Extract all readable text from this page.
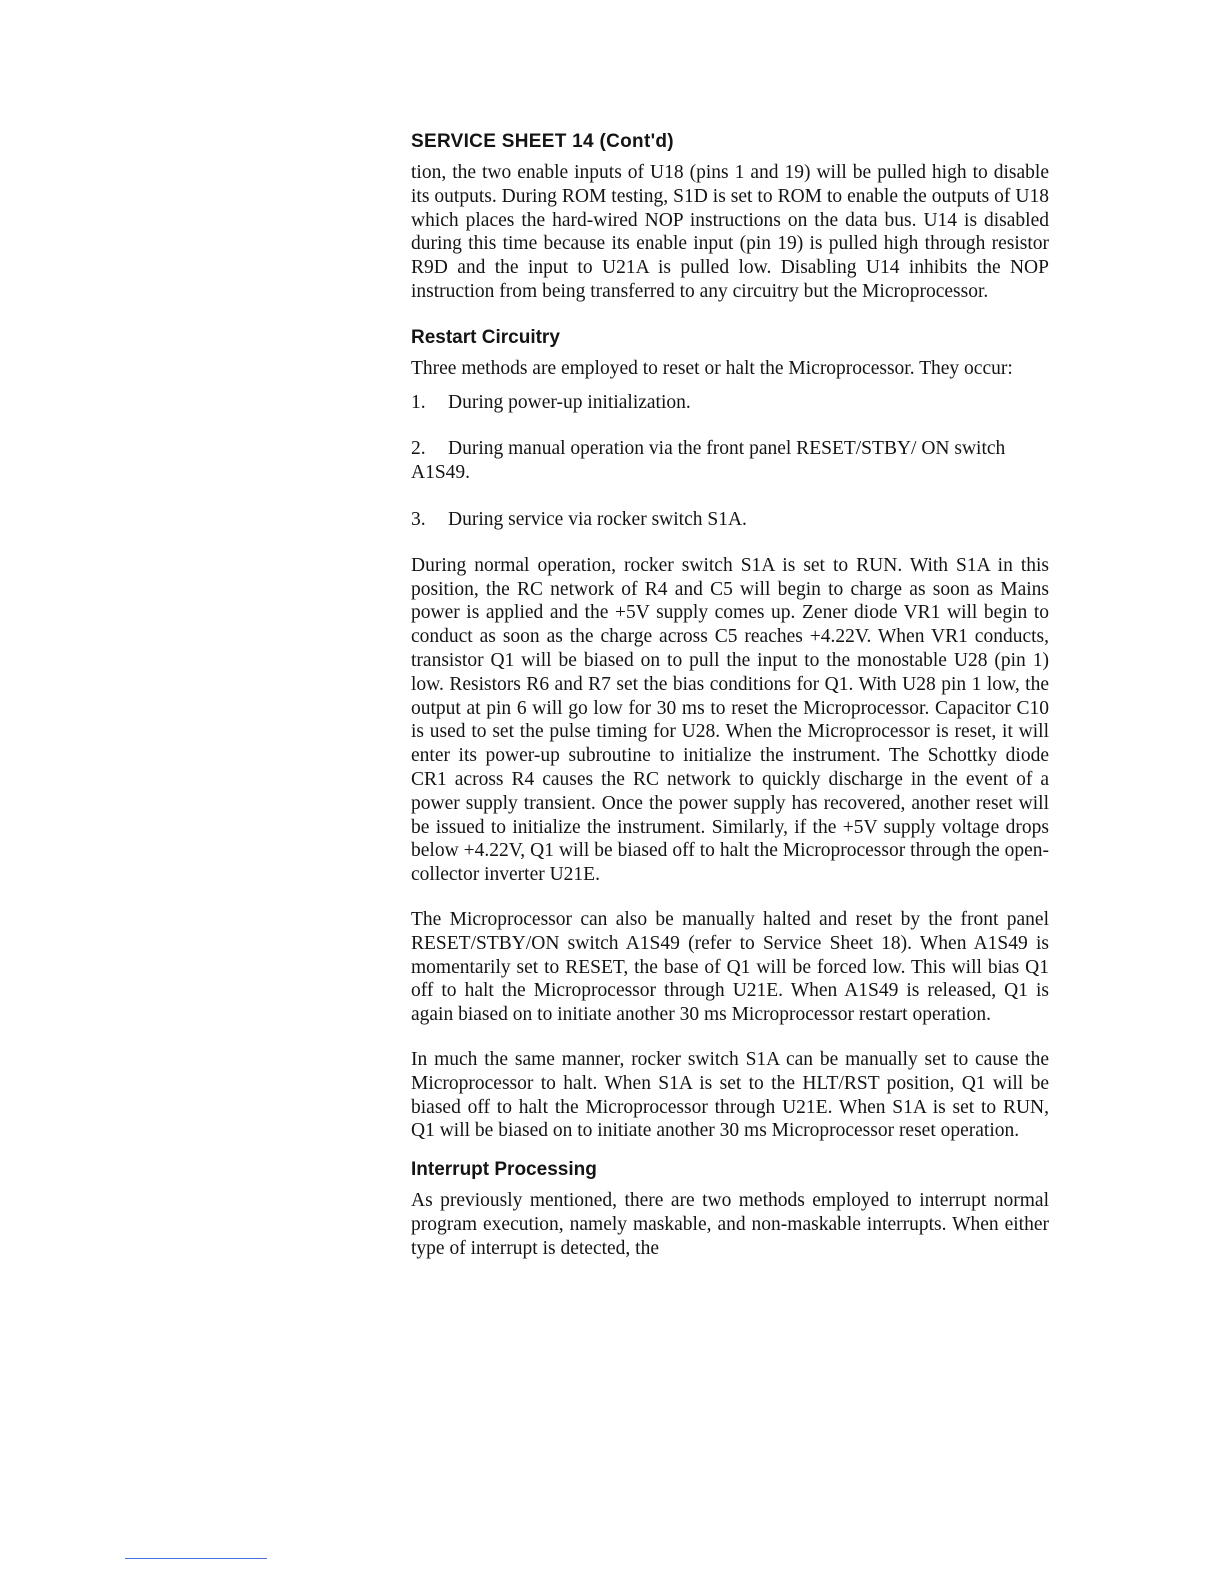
SERVICE SHEET 14 (Cont'd)

tion, the two enable inputs of U18 (pins 1 and 19) will be pulled high to disable its outputs. During ROM testing, S1D is set to ROM to enable the outputs of U18 which places the hard-wired NOP instructions on the data bus. U14 is disabled during this time because its enable input (pin 19) is pulled high through resistor R9D and the input to U21A is pulled low. Disabling U14 inhibits the NOP instruction from being transferred to any circuitry but the Microprocessor.

Restart Circuitry

Three methods are employed to reset or halt the Microprocessor. They occur:

1. During power-up initialization.
2. During manual operation via the front panel RESET/STBY/ ON switch A1S49.
3. During service via rocker switch S1A.

During normal operation, rocker switch S1A is set to RUN. With S1A in this position, the RC network of R4 and C5 will begin to charge as soon as Mains power is applied and the +5V supply comes up. Zener diode VR1 will begin to conduct as soon as the charge across C5 reaches +4.22V. When VR1 conducts, transistor Q1 will be biased on to pull the input to the monostable U28 (pin 1) low. Resistors R6 and R7 set the bias conditions for Q1. With U28 pin 1 low, the output at pin 6 will go low for 30 ms to reset the Microprocessor. Capacitor C10 is used to set the pulse timing for U28. When the Microprocessor is reset, it will enter its power-up subroutine to initialize the instrument. The Schottky diode CR1 across R4 causes the RC network to quickly discharge in the event of a power supply transient. Once the power supply has recovered, another reset will be issued to initialize the instrument. Similarly, if the +5V supply voltage drops below +4.22V, Q1 will be biased off to halt the Microprocessor through the open-collector inverter U21E.

The Microprocessor can also be manually halted and reset by the front panel RESET/STBY/ON switch A1S49 (refer to Service Sheet 18). When A1S49 is momentarily set to RESET, the base of Q1 will be forced low. This will bias Q1 off to halt the Microprocessor through U21E. When A1S49 is released, Q1 is again biased on to initiate another 30 ms Microprocessor restart operation.

In much the same manner, rocker switch S1A can be manually set to cause the Microprocessor to halt. When S1A is set to the HLT/RST position, Q1 will be biased off to halt the Microprocessor through U21E. When S1A is set to RUN, Q1 will be biased on to initiate another 30 ms Microprocessor reset operation.

Interrupt Processing

As previously mentioned, there are two methods employed to interrupt normal program execution, namely maskable, and non-maskable interrupts. When either type of interrupt is detected, the
